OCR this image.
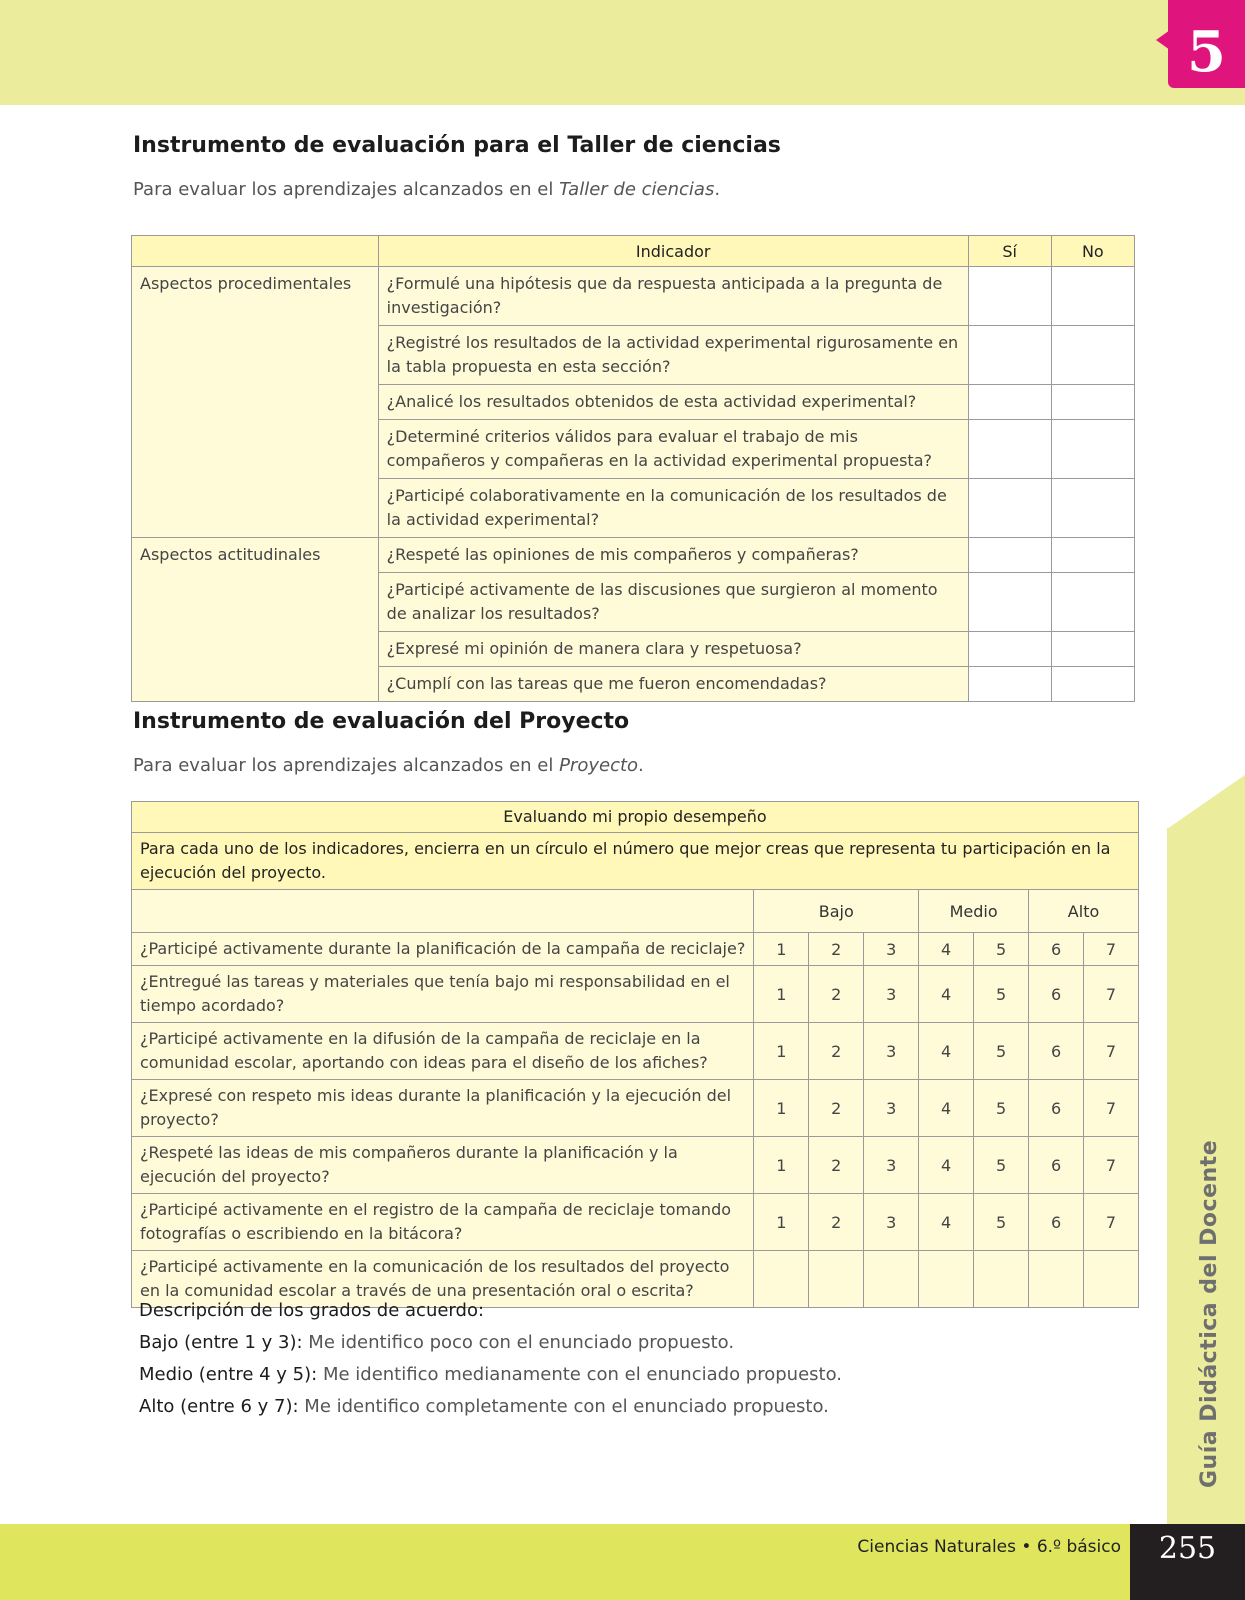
5
Guía Didáctica del Docente
Ciencias Naturales • 6.º básico	255
Instrumento de evaluación para el Taller de ciencias

Para evaluar los aprendizajes alcanzados en el Taller de ciencias.

	Indicador	Sí	No
Aspectos procedimentales	¿Formulé una hipótesis que da respuesta anticipada a la pregunta de investigación?		
	¿Registré los resultados de la actividad experimental rigurosamente en la tabla propuesta en esta sección?		
	¿Analicé los resultados obtenidos de esta actividad experimental?		
	¿Determiné criterios válidos para evaluar el trabajo de mis compañeros y compañeras en la actividad experimental propuesta?		
	¿Participé colaborativamente en la comunicación de los resultados de la actividad experimental?		
Aspectos actitudinales	¿Respeté las opiniones de mis compañeros y compañeras?		
	¿Participé activamente de las discusiones que surgieron al momento de analizar los resultados?		
	¿Expresé mi opinión de manera clara y respetuosa?		
	¿Cumplí con las tareas que me fueron encomendadas?		
Instrumento de evaluación del Proyecto

Para evaluar los aprendizajes alcanzados en el Proyecto.

Evaluando mi propio desempeño							
Para cada uno de los indicadores, encierra en un círculo el número que mejor creas que representa tu participación en la ejecución del proyecto.							
	Bajo			Medio		Alto	
¿Participé activamente durante la planificación de la campaña de reciclaje?	1	2	3	4	5	6	7
¿Entregué las tareas y materiales que tenía bajo mi responsabilidad en el tiempo acordado?	1	2	3	4	5	6	7
¿Participé activamente en la difusión de la campaña de reciclaje en la comunidad escolar, aportando con ideas para el diseño de los afiches?	1	2	3	4	5	6	7
¿Expresé con respeto mis ideas durante la planificación y la ejecución del proyecto?	1	2	3	4	5	6	7
¿Respeté las ideas de mis compañeros durante la planificación y la ejecución del proyecto?	1	2	3	4	5	6	7
¿Participé activamente en el registro de la campaña de reciclaje tomando fotografías o escribiendo en la bitácora?	1	2	3	4	5	6	7
¿Participé activamente en la comunicación de los resultados del proyecto en la comunidad escolar a través de una presentación oral o escrita?							

Descripción de los grados de acuerdo:

Bajo (entre 1 y 3): Me identifico poco con el enunciado propuesto.

Medio (entre 4 y 5): Me identifico medianamente con el enunciado propuesto.

Alto (entre 6 y 7): Me identifico completamente con el enunciado propuesto.
